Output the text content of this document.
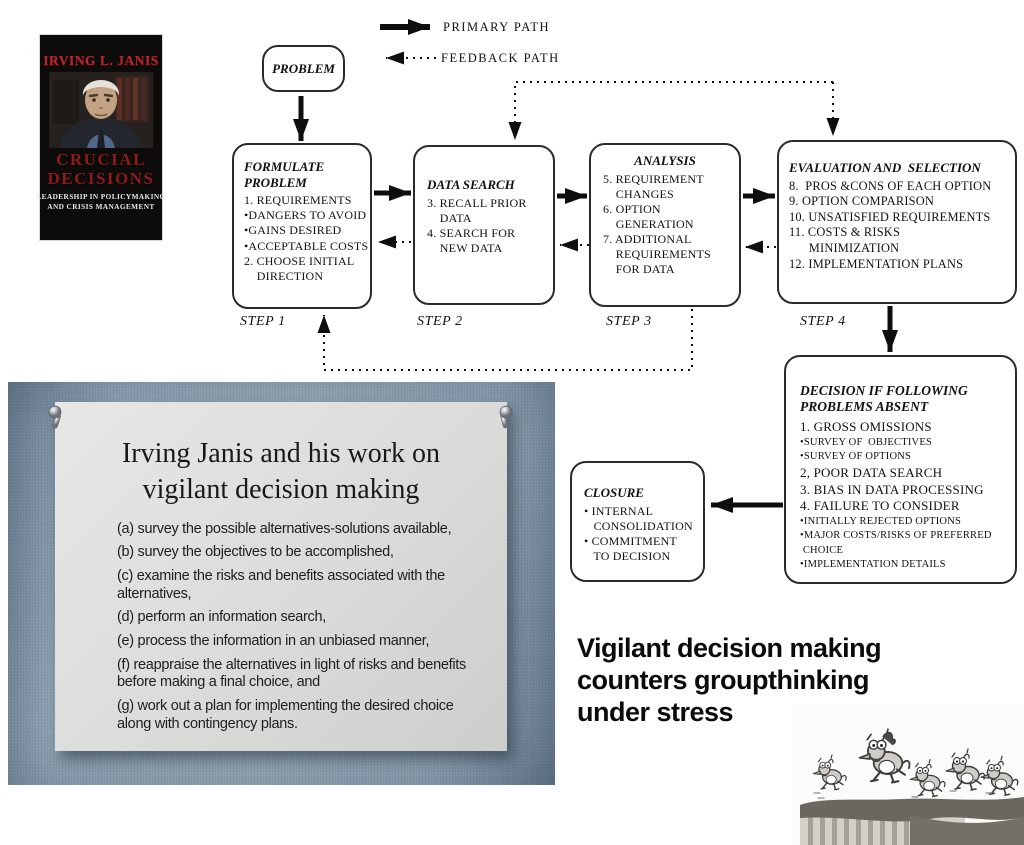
PRIMARY PATH
FEEDBACK PATH
IRVING L. JANIS
CRUCIAL
DECISIONS
LEADERSHIP IN POLICYMAKING
AND CRISIS MANAGEMENT
PROBLEM
FORMULATE PROBLEM
1. REQUIREMENTS
•DANGERS TO AVOID
•GAINS DESIRED
•ACCEPTABLE COSTS
2. CHOOSE INITIAL
DIRECTION
STEP 1
DATA SEARCH
3. RECALL PRIOR
DATA
4. SEARCH FOR
NEW DATA
STEP 2
ANALYSIS
5. REQUIREMENT
CHANGES
6. OPTION
GENERATION
7. ADDITIONAL
REQUIREMENTS
FOR DATA
STEP 3
EVALUATION AND  SELECTION
8.  PROS &CONS OF EACH OPTION
9. OPTION COMPARISON
10. UNSATISFIED REQUIREMENTS
11. COSTS & RISKS
MINIMIZATION
12. IMPLEMENTATION PLANS
STEP 4
DECISION IF FOLLOWING PROBLEMS ABSENT
1. GROSS OMISSIONS
•SURVEY OF  OBJECTIVES
•SURVEY OF OPTIONS
2, POOR DATA SEARCH
3. BIAS IN DATA PROCESSING
4. FAILURE TO CONSIDER
•INITIALLY REJECTED OPTIONS
•MAJOR COSTS/RISKS OF PREFERRED
CHOICE
•IMPLEMENTATION DETAILS
CLOSURE
• INTERNAL
CONSOLIDATION
• COMMITMENT
TO DECISION
Irving Janis and his work on vigilant decision making
(a) survey the possible alternatives-solutions available,
(b) survey the objectives to be accomplished,
(c) examine the risks and benefits associated with the alternatives,
(d) perform an information search,
(e) process the information in an unbiased manner,
(f) reappraise the alternatives in light of risks and benefits before making a final choice, and
(g) work out a plan for implementing the desired choice along with contingency plans.
Vigilant decision making counters groupthinking under stress
